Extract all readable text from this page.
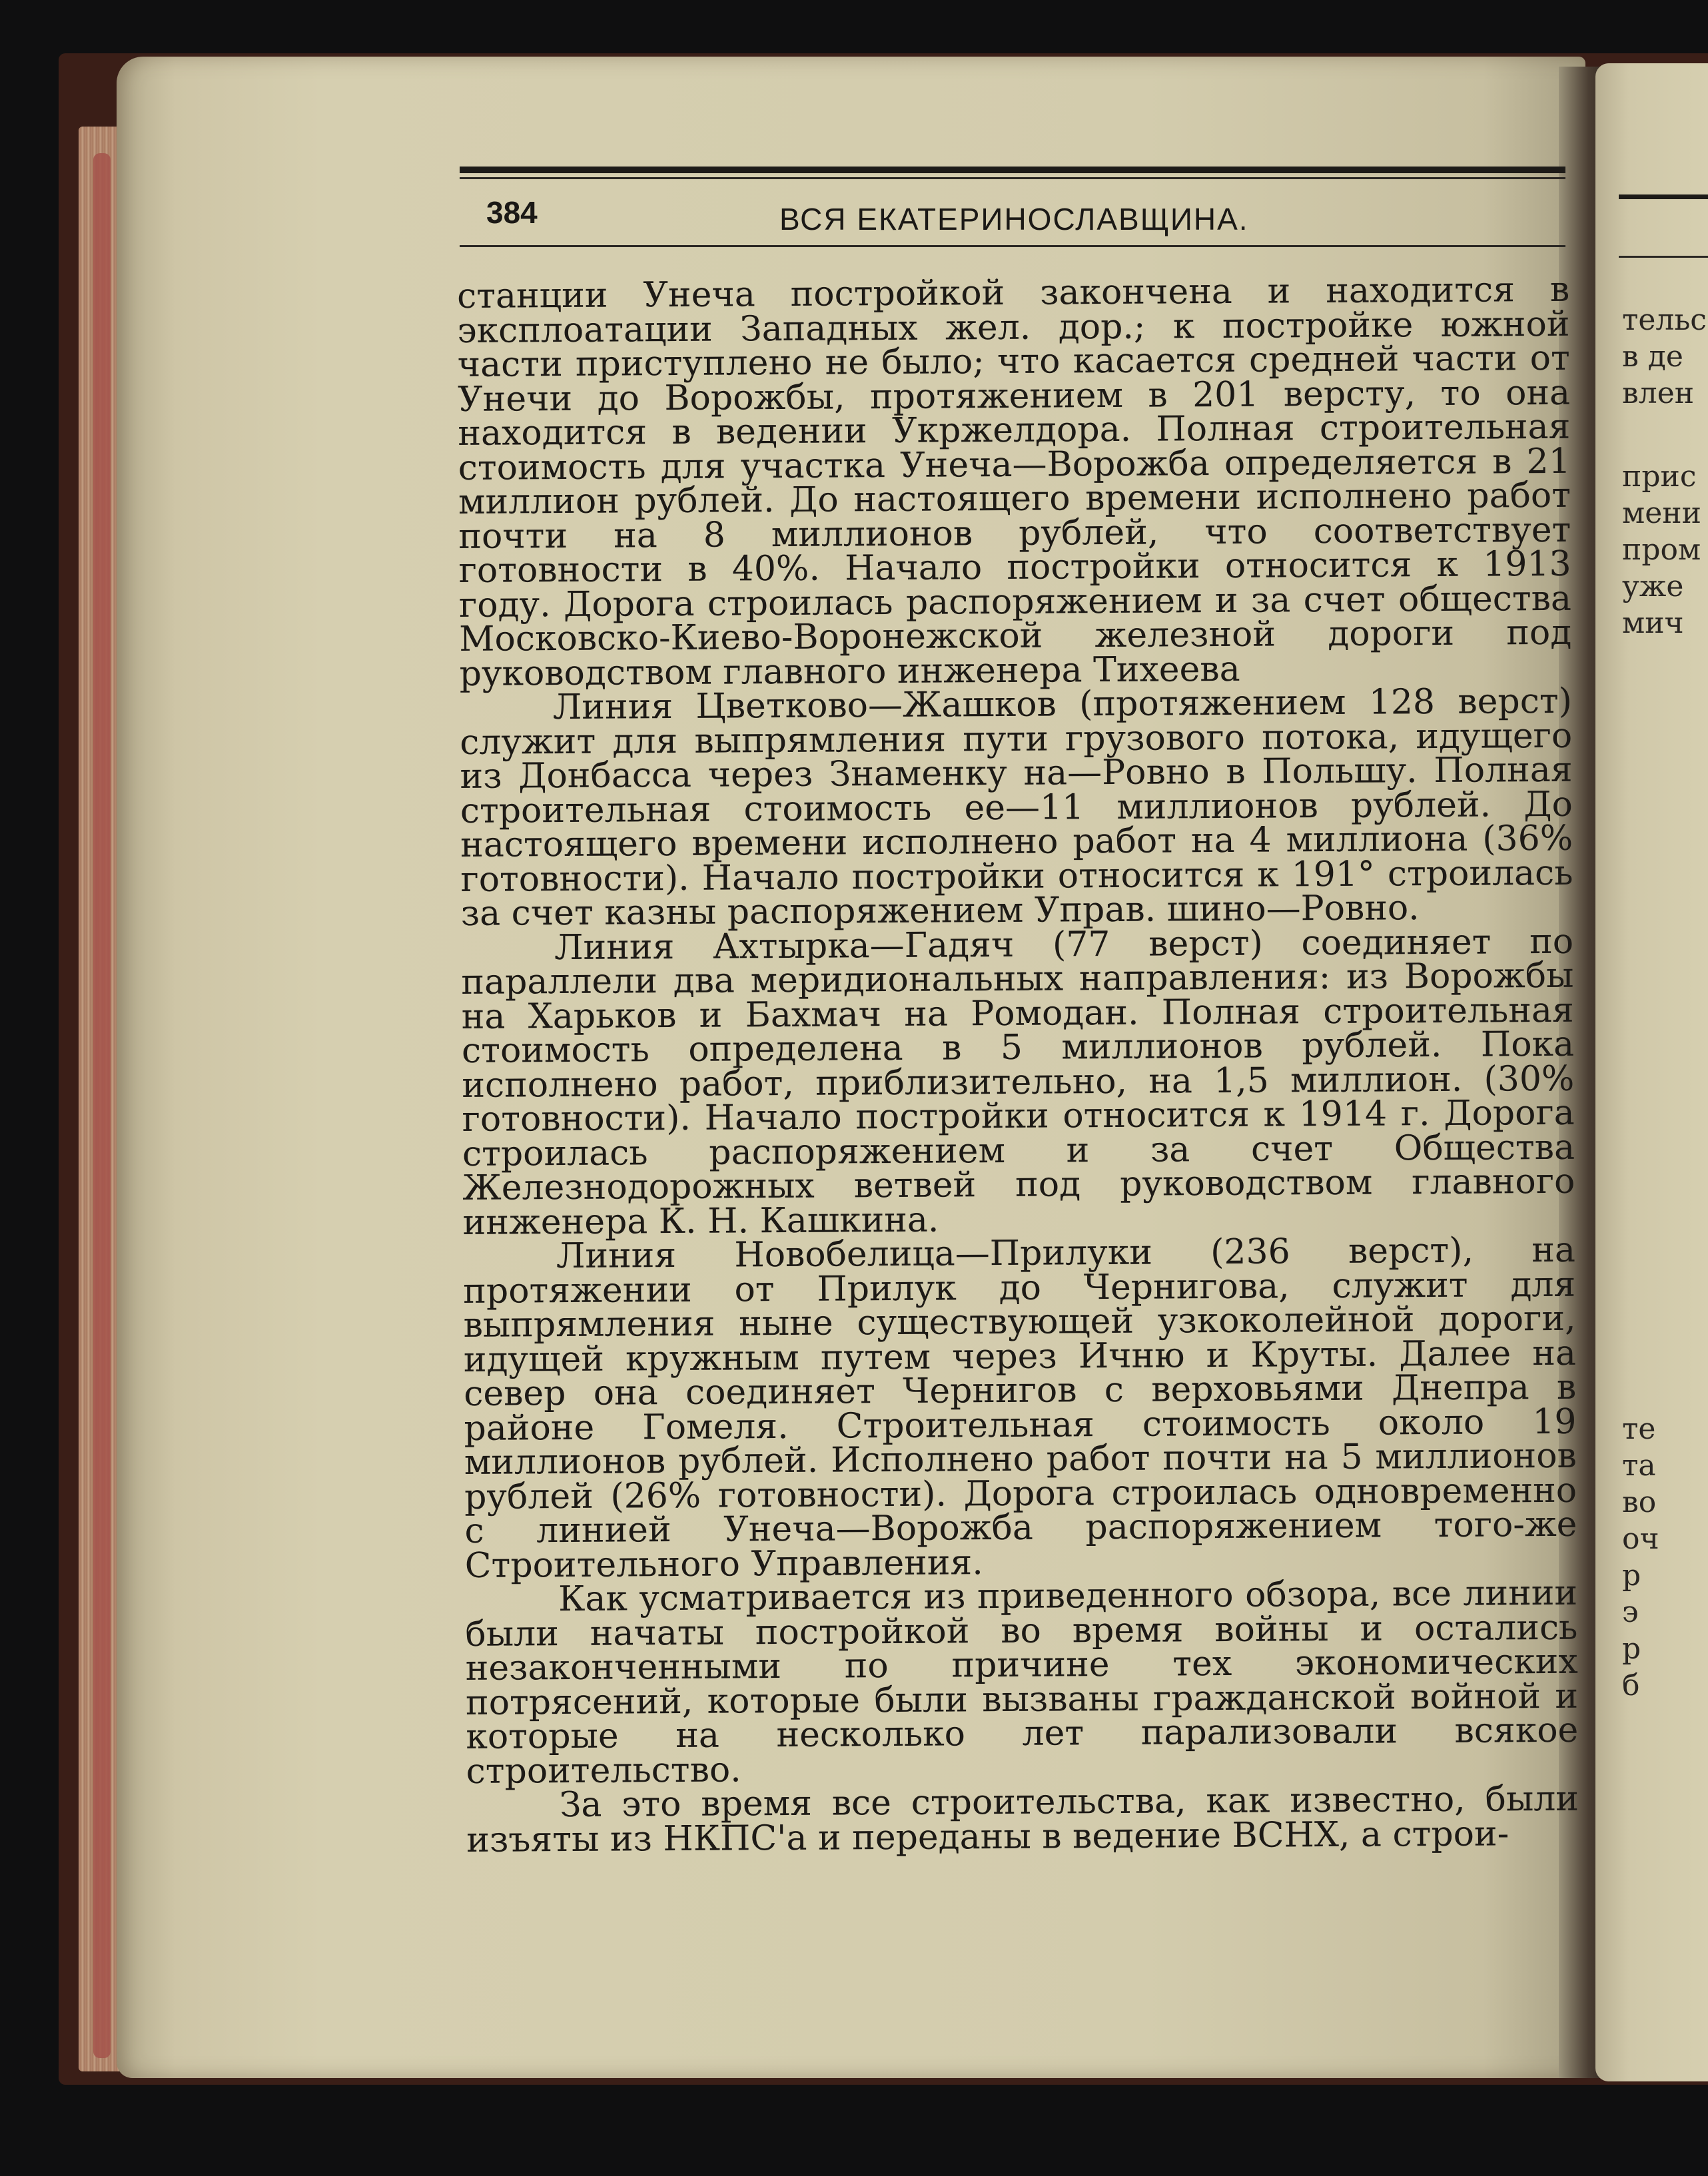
384	ВСЯ ЕКАТЕРИНОСЛАВЩИНА.

станции Унеча постройкой закончена и находится в эксплоатации Западных жел. дор.; к постройке южной части приступлено не было; что касается средней части от Унечи до Ворожбы, протяжением в 201 версту, то она находится в ведении Укржелдора. Полная строительная стоимость для участка Унеча—Ворожба определяется в 21 миллион рублей. До настоящего времени исполнено работ почти на 8 миллионов рублей, что соответствует готовности в 40%. Начало постройки относится к 1913 году. Дорога строилась распоряжением и за счет общества Московско-Киево-Воронежской железной дороги под руководством главного инженера Тихеева

Линия Цветково—Жашков (протяжением 128 верст) служит для выпрямления пути грузового потока, идущего из Донбасса через Знаменку на—Ровно в Польшу. Полная строительная стоимость ее—11 миллионов рублей. До настоящего времени исполнено работ на 4 миллиона (36% готовности). Начало постройки относится к 191° строилась за счет казны распоряжением Управ. шино—Ровно.

Линия Ахтырка—Гадяч (77 верст) соединяет по параллели два меридиональных направления: из Ворожбы на Харьков и Бахмач на Ромодан. Полная строительная стоимость определена в 5 миллионов рублей. Пока исполнено работ, приблизительно, на 1,5 миллион. (30% готовности). Начало постройки относится к 1914 г. Дорога строилась распоряжением и за счет Общества Железнодорожных ветвей под руководством главного инженера К. Н. Кашкина.

Линия Новобелица—Прилуки (236 верст), на протяжении от Прилук до Чернигова, служит для выпрямления ныне существующей узкоколейной дороги, идущей кружным путем через Ичню и Круты. Далее на север она соединяет Чернигов с верховьями Днепра в районе Гомеля. Строительная стоимость около 19 миллионов рублей. Исполнено работ почти на 5 миллионов рублей (26% готовности). Дорога строилась одновременно с линией Унеча—Ворожба распоряжением того-же Строительного Управления.

Как усматривается из приведенного обзора, все линии были начаты постройкой во время войны и остались незаконченными по причине тех экономических потрясений, которые были вызваны гражданской войной и которые на несколько лет парализовали всякое строительство.

За это время все строительства, как известно, были изъяты из НКПС'а и переданы в ведение ВСНХ, а строи-

тельс
в де
влен
прис
мени
пром
уже
мич
те
та
во
оч
р
э
р
б
